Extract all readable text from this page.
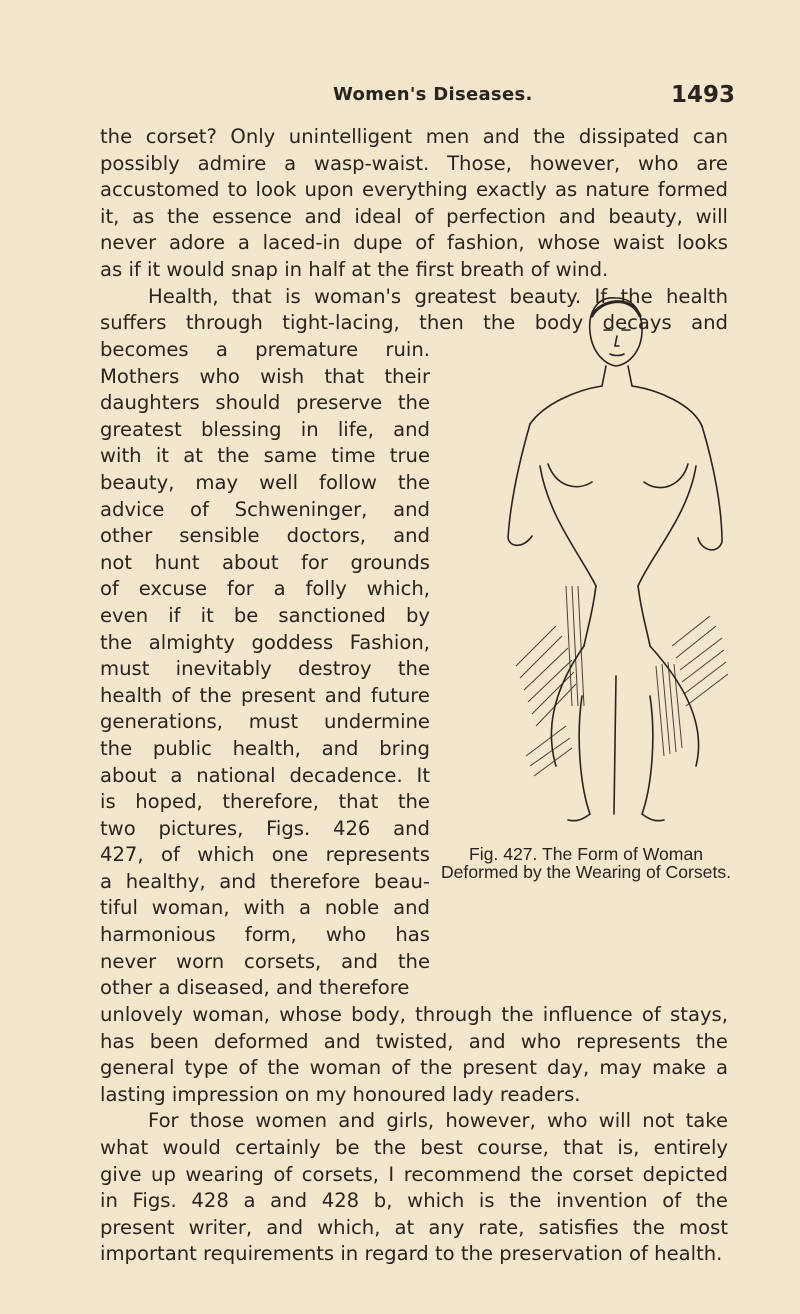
Women's Diseases.	1493

the corset? Only unintelligent men and the dissipated can

possibly admire a wasp-waist. Those, however, who are

accustomed to look upon everything exactly as nature formed

it, as the essence and ideal of perfection and beauty, will

never adore a laced-in dupe of fashion, whose waist looks

as if it would snap in half at the first breath of wind.

Health, that is woman's greatest beauty. If the health

suffers through tight-lacing, then the body decays and

becomes a premature ruin.

Mothers who wish that their

daughters should preserve the

greatest blessing in life, and

with it at the same time true

beauty, may well follow the

advice of Schweninger, and

other sensible doctors, and

not hunt about for grounds

of excuse for a folly which,

even if it be sanctioned by

the almighty goddess Fashion,

must inevitably destroy the

health of the present and future

generations, must undermine

the public health, and bring

about a national decadence. It

is hoped, therefore, that the

two pictures, Figs. 426 and

427, of which one represents

a healthy, and therefore beau-

tiful woman, with a noble and

harmonious form, who has

never worn corsets, and the

other a diseased, and therefore

unlovely woman, whose body, through the influence of stays,

has been deformed and twisted, and who represents the

general type of the woman of the present day, may make a

lasting impression on my honoured lady readers.

For those women and girls, however, who will not take

what would certainly be the best course, that is, entirely

give up wearing of corsets, I recommend the corset depicted

in Figs. 428 a and 428 b, which is the invention of the

present writer, and which, at any rate, satisfies the most

important requirements in regard to the preservation of health.

Fig. 427. The Form of Woman Deformed by the Wearing of Corsets.
